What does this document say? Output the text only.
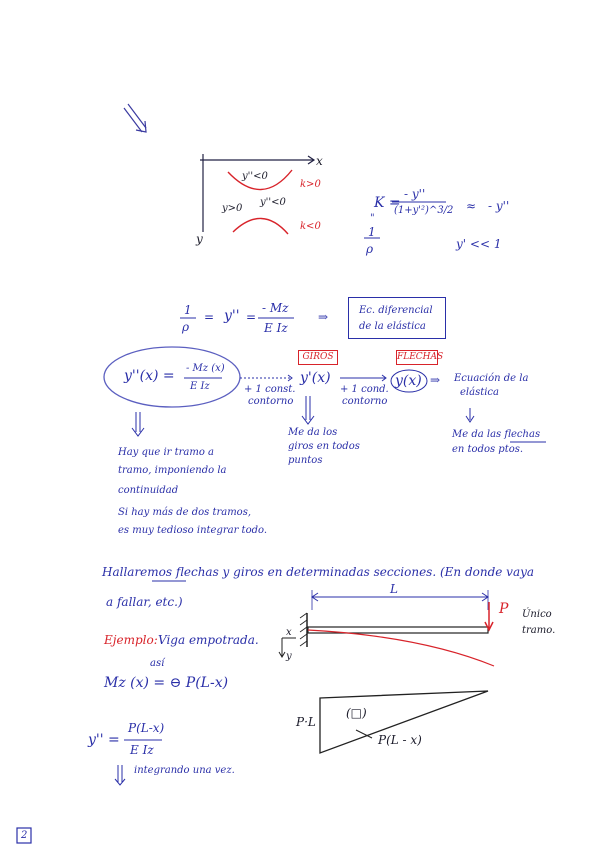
x
y
y''<0
k>0
k<0
y>0
y''<0	K =
- y''
(1+y'²)^3/2 ≈ - y''
"
1
ρ	y' << 1
1
ρ
= y'' =
- Mz
E Iz
⇒	Ec. diferencial
de la elástica
y''(x) = - Mz (x)
E Iz	+ 1 const.
contorno
GIROS
y'(x)
+ 1 cond.
contorno
FLECHAS
y(x) ⇒ Ecuación de la
elástica
Me da los
giros en todos
puntos
Me da las flechas
en todos ptos.
Hay que ir tramo a
tramo, imponiendo la
continuidad
Si hay más de dos tramos,
es muy tedioso integrar todo.
Hallaremos flechas y giros en determinadas secciones. (En donde vaya
a fallar, etc.)
Ejemplo: Viga empotrada.
así
Mz (x) = ⊖ P(L-x)
y'' =
P(L-x)
E Iz
integrando una vez.
L
P
x
y
Único
tramo.
P·L
(□)
P(L - x)
2
